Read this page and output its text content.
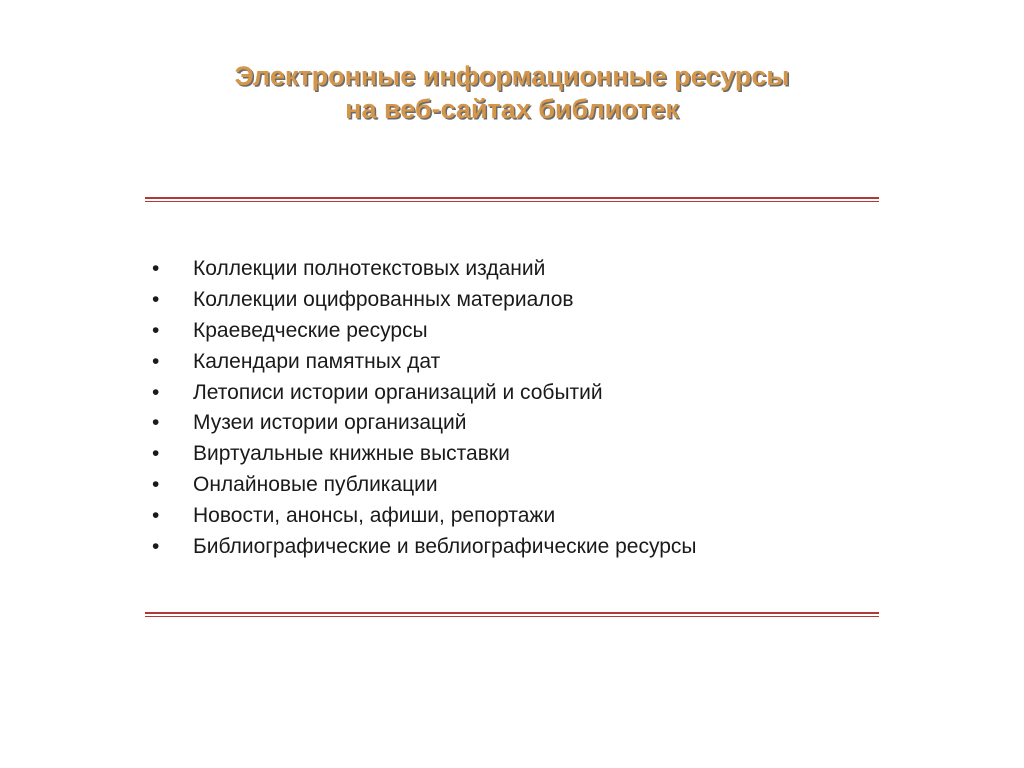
Электронные информационные ресурсы
на веб-сайтах библиотек
•	Коллекции полнотекстовых изданий
•	Коллекции оцифрованных материалов
•	Краеведческие ресурсы
•	Календари памятных дат
•	Летописи истории организаций и событий
•	Музеи истории организаций
•	Виртуальные книжные выставки
•	Онлайновые публикации
•	Новости, анонсы, афиши, репортажи
•	Библиографические и веблиографические ресурсы
